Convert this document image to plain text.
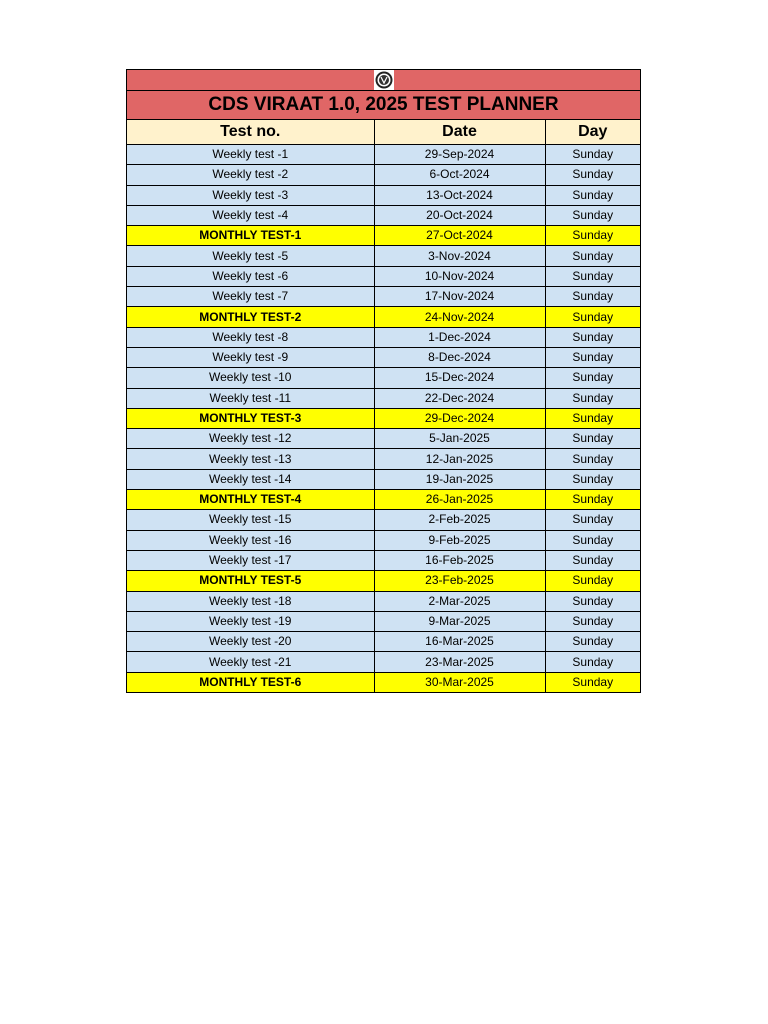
CDS VIRAAT 1.0, 2025 TEST PLANNER
Test no.	Date	Day
Weekly test -1	29-Sep-2024	Sunday
Weekly test -2	6-Oct-2024	Sunday
Weekly test -3	13-Oct-2024	Sunday
Weekly test -4	20-Oct-2024	Sunday
MONTHLY TEST-1	27-Oct-2024	Sunday
Weekly test -5	3-Nov-2024	Sunday
Weekly test -6	10-Nov-2024	Sunday
Weekly test -7	17-Nov-2024	Sunday
MONTHLY TEST-2	24-Nov-2024	Sunday
Weekly test -8	1-Dec-2024	Sunday
Weekly test -9	8-Dec-2024	Sunday
Weekly test -10	15-Dec-2024	Sunday
Weekly test -11	22-Dec-2024	Sunday
MONTHLY TEST-3	29-Dec-2024	Sunday
Weekly test -12	5-Jan-2025	Sunday
Weekly test -13	12-Jan-2025	Sunday
Weekly test -14	19-Jan-2025	Sunday
MONTHLY TEST-4	26-Jan-2025	Sunday
Weekly test -15	2-Feb-2025	Sunday
Weekly test -16	9-Feb-2025	Sunday
Weekly test -17	16-Feb-2025	Sunday
MONTHLY TEST-5	23-Feb-2025	Sunday
Weekly test -18	2-Mar-2025	Sunday
Weekly test -19	9-Mar-2025	Sunday
Weekly test -20	16-Mar-2025	Sunday
Weekly test -21	23-Mar-2025	Sunday
MONTHLY TEST-6	30-Mar-2025	Sunday
